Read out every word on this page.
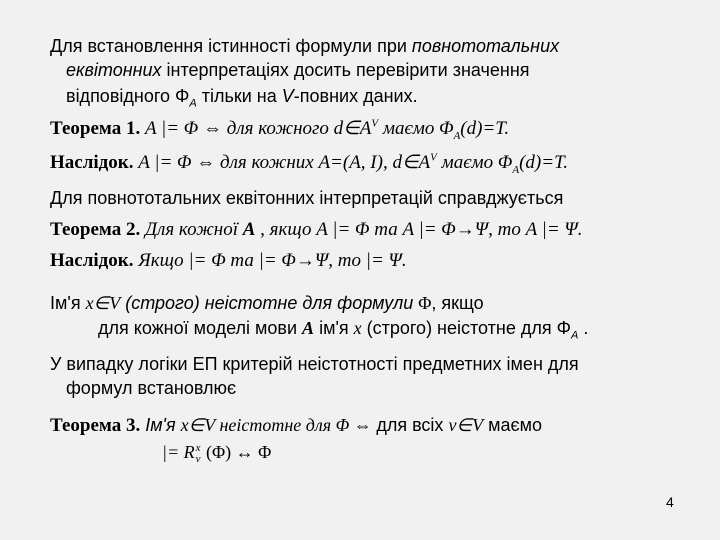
Для встановлення істинності формули при повнототальних
еквітонних інтерпретаціях досить перевірити значення
відповідного $\Phi_A$ тільки на V-повних даних.
Теорема 1. A |= Φ ⇔ для кожного $d\in A^V$ маємо $\Phi_A(d)=T$.
Наслідок. A |= Φ ⇔ для кожних A=(A, I), $d\in A^V$ маємо $\Phi_A(d)=T$.
Для повнототальних еквітонних інтерпретацій справджується
Теорема 2. Для кожної A , якщо A |= Φ та A |= Φ→Ψ, то A |= Ψ.
Наслідок. Якщо |= Φ та |= Φ→Ψ, то |= Ψ.
Ім'я x∈V (строго) неістотне для формули Φ, якщо
для кожної моделі мови A ім'я x (строго) неістотне для $\Phi_A$ .
У випадку логіки ЕП критерій неістотності предметних імен для
формул встановлює
Теорема 3. Ім'я x∈V неістотне для Φ ⇔ для всіх v∈V маємо
|= R x
v (Φ) ↔ Φ
4
